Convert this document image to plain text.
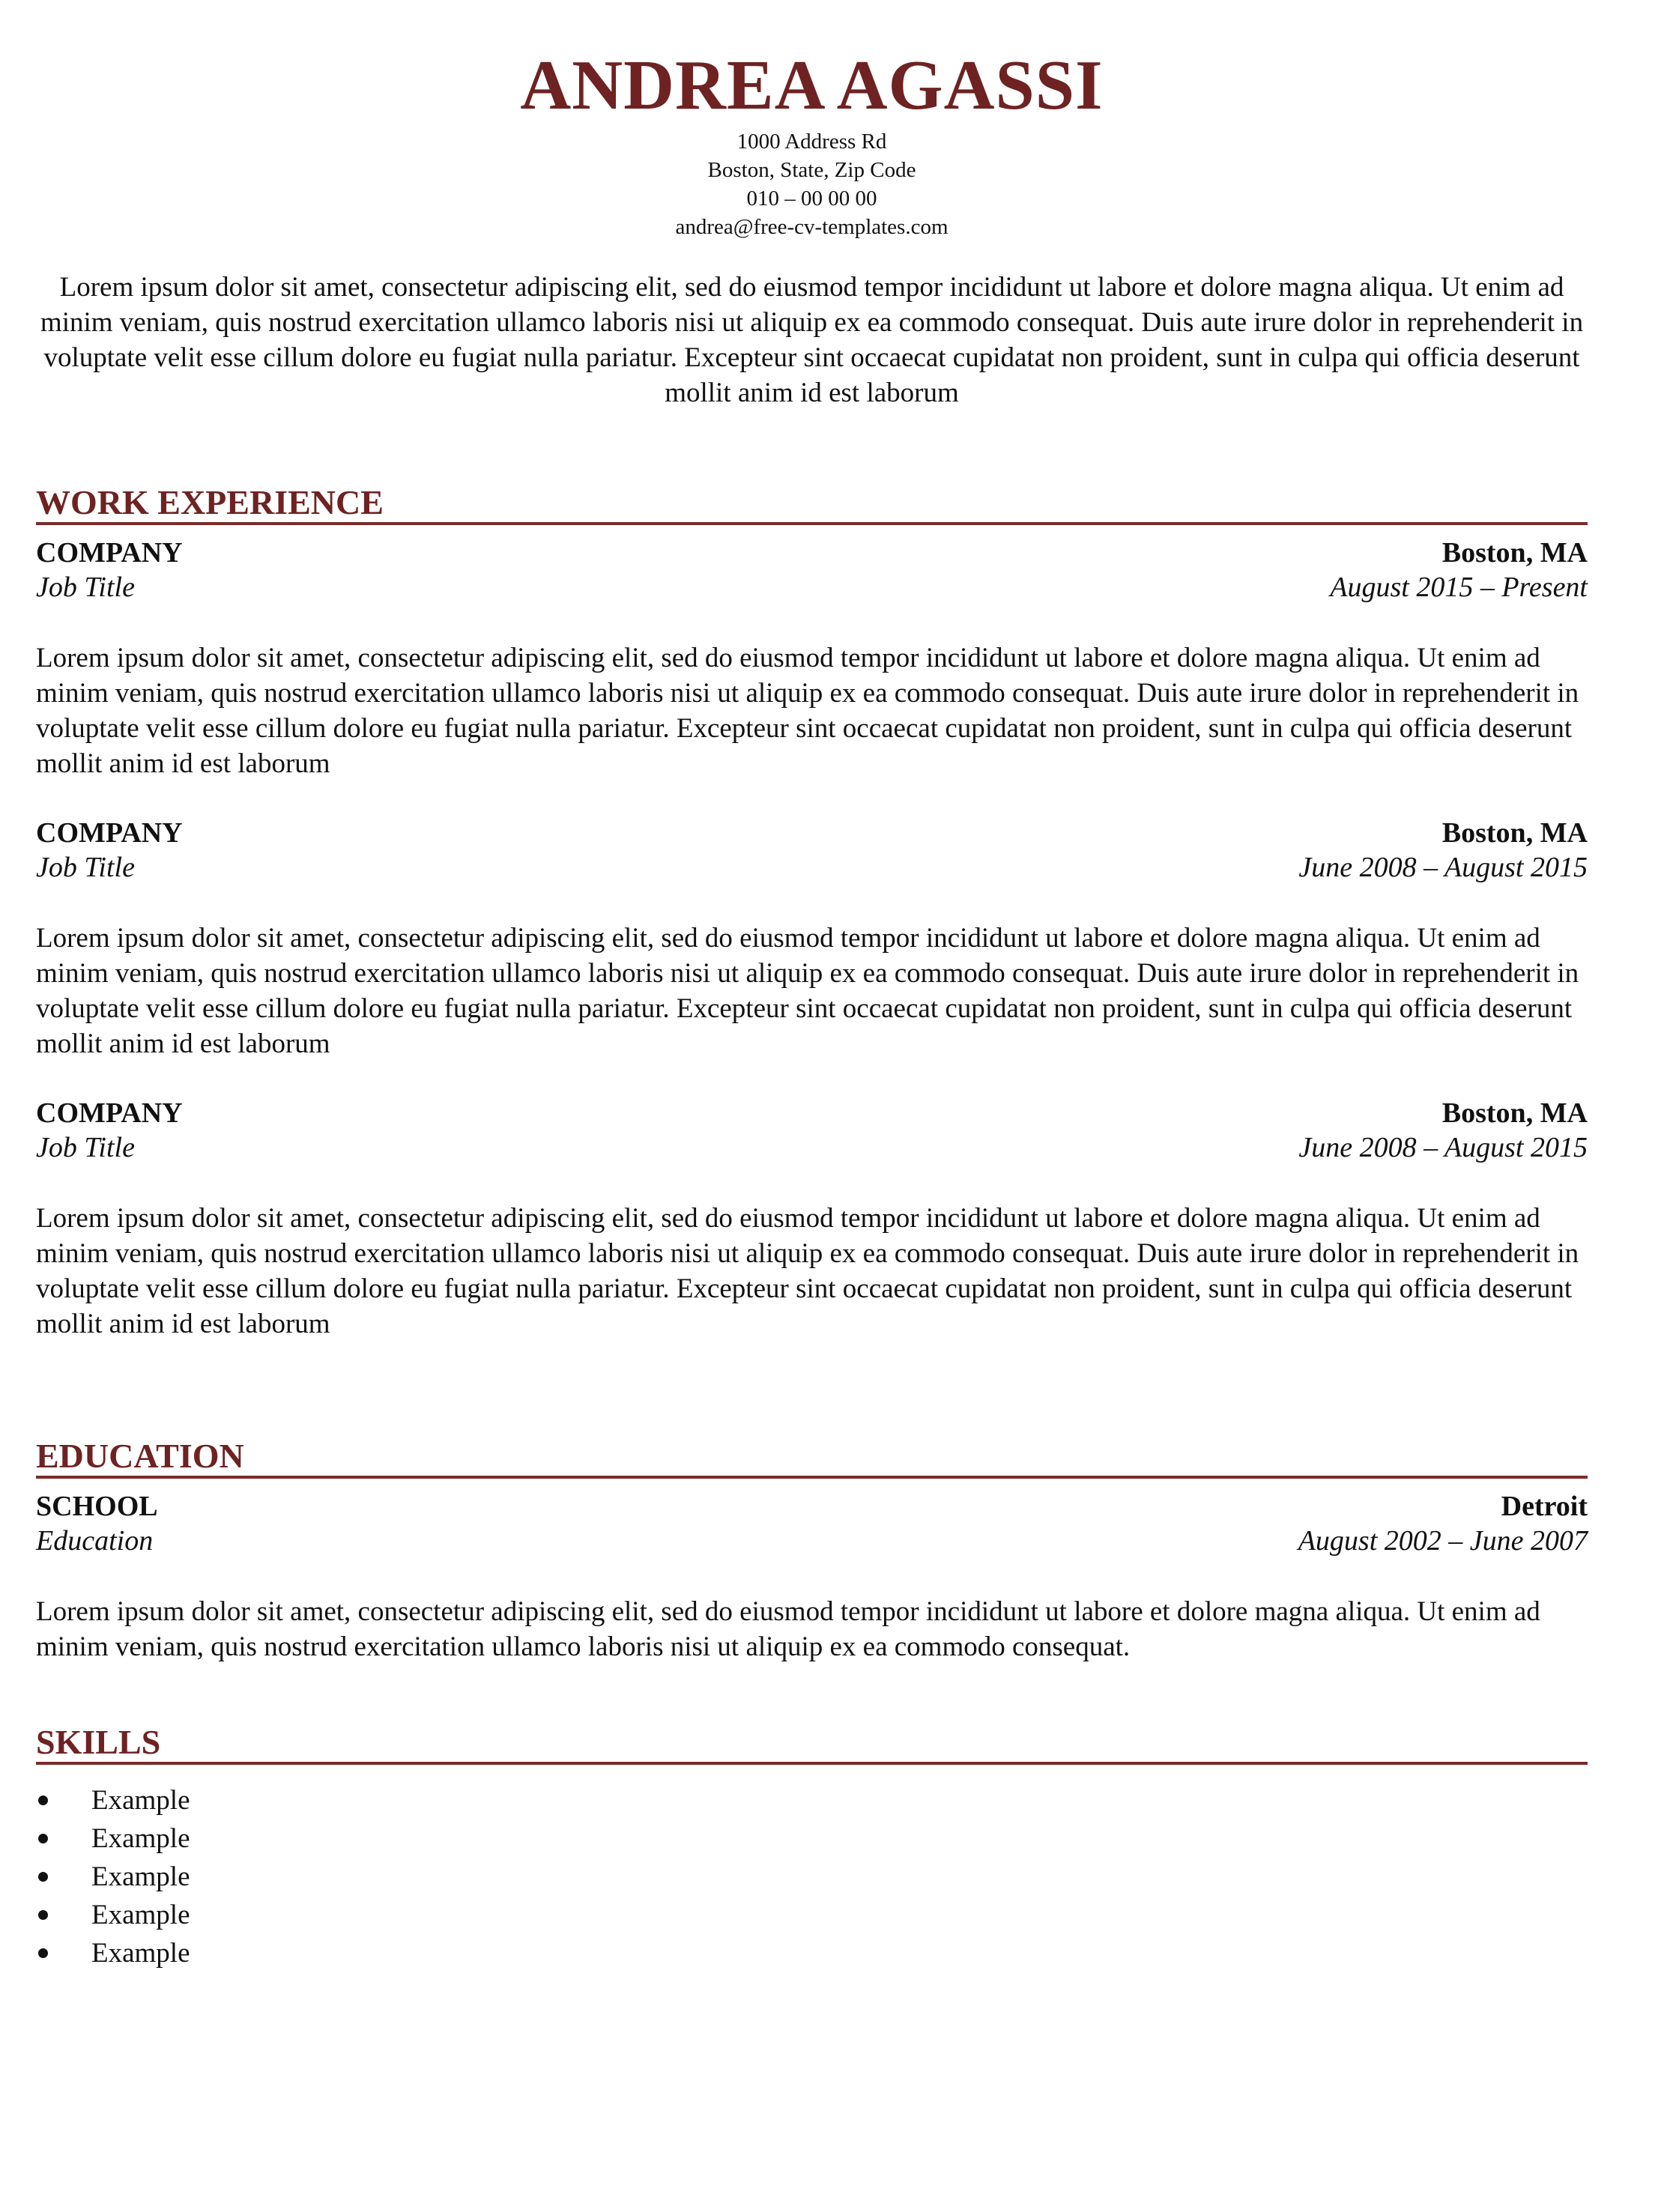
ANDREA AGASSI
1000 Address Rd
Boston, State, Zip Code
010 – 00 00 00
andrea@free-cv-templates.com
Lorem ipsum dolor sit amet, consectetur adipiscing elit, sed do eiusmod tempor incididunt ut labore et dolore magna aliqua. Ut enim ad minim veniam, quis nostrud exercitation ullamco laboris nisi ut aliquip ex ea commodo consequat. Duis aute irure dolor in reprehenderit in voluptate velit esse cillum dolore eu fugiat nulla pariatur. Excepteur sint occaecat cupidatat non proident, sunt in culpa qui officia deserunt mollit anim id est laborum
WORK EXPERIENCE
COMPANY	Boston, MA
Job Title	August 2015 – Present
Lorem ipsum dolor sit amet, consectetur adipiscing elit, sed do eiusmod tempor incididunt ut labore et dolore magna aliqua. Ut enim ad minim veniam, quis nostrud exercitation ullamco laboris nisi ut aliquip ex ea commodo consequat. Duis aute irure dolor in reprehenderit in voluptate velit esse cillum dolore eu fugiat nulla pariatur. Excepteur sint occaecat cupidatat non proident, sunt in culpa qui officia deserunt mollit anim id est laborum
COMPANY	Boston, MA
Job Title	June 2008 – August 2015
Lorem ipsum dolor sit amet, consectetur adipiscing elit, sed do eiusmod tempor incididunt ut labore et dolore magna aliqua. Ut enim ad minim veniam, quis nostrud exercitation ullamco laboris nisi ut aliquip ex ea commodo consequat. Duis aute irure dolor in reprehenderit in voluptate velit esse cillum dolore eu fugiat nulla pariatur. Excepteur sint occaecat cupidatat non proident, sunt in culpa qui officia deserunt mollit anim id est laborum
COMPANY	Boston, MA
Job Title	June 2008 – August 2015
Lorem ipsum dolor sit amet, consectetur adipiscing elit, sed do eiusmod tempor incididunt ut labore et dolore magna aliqua. Ut enim ad minim veniam, quis nostrud exercitation ullamco laboris nisi ut aliquip ex ea commodo consequat. Duis aute irure dolor in reprehenderit in voluptate velit esse cillum dolore eu fugiat nulla pariatur. Excepteur sint occaecat cupidatat non proident, sunt in culpa qui officia deserunt mollit anim id est laborum
EDUCATION
SCHOOL	Detroit
Education	August 2002 – June 2007
Lorem ipsum dolor sit amet, consectetur adipiscing elit, sed do eiusmod tempor incididunt ut labore et dolore magna aliqua. Ut enim ad minim veniam, quis nostrud exercitation ullamco laboris nisi ut aliquip ex ea commodo consequat.
SKILLS
Example
Example
Example
Example
Example
